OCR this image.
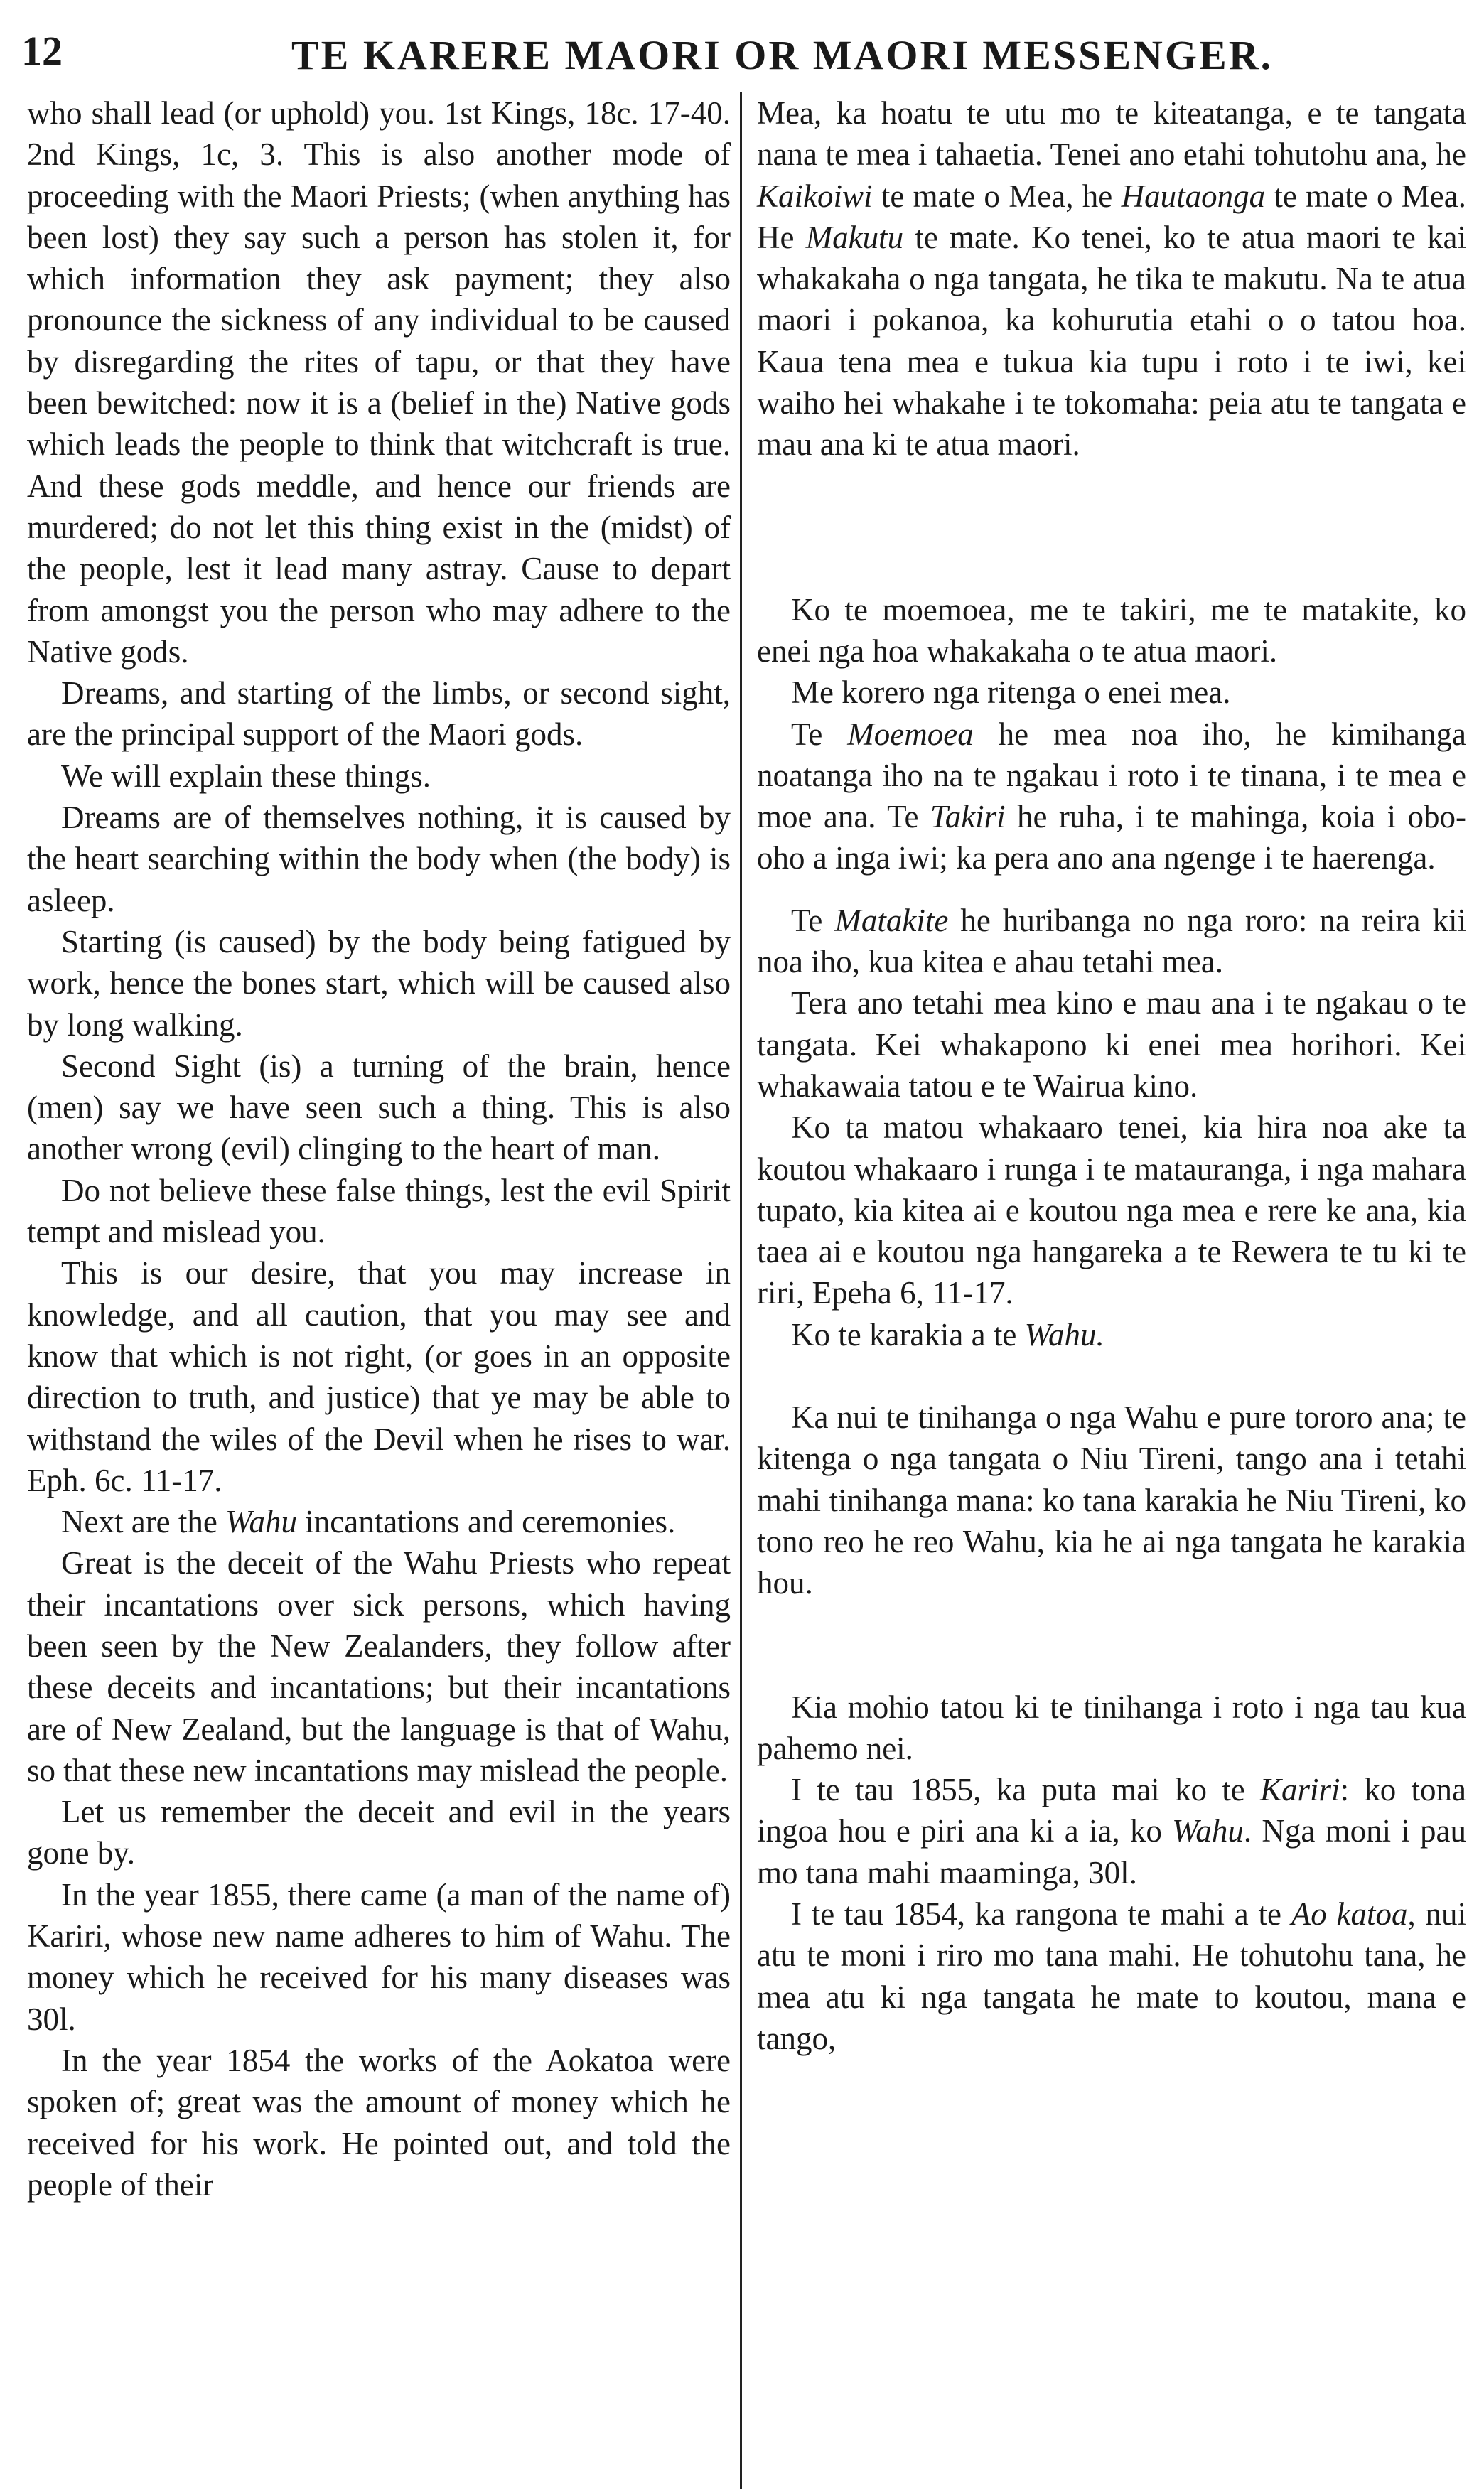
12	TE KARERE MAORI OR MAORI MESSENGER.

who shall lead (or uphold) you. 1st Kings, 18c. 17-40. 2nd Kings, 1c, 3. This is also another mode of proceeding with the Maori Priests; (when anything has been lost) they say such a person has stolen it, for which information they ask payment; they also pronounce the sickness of any individual to be caused by disregarding the rites of tapu, or that they have been bewitched: now it is a (belief in the) Native gods which leads the people to think that witchcraft is true. And these gods meddle, and hence our friends are murdered; do not let this thing exist in the (midst) of the people, lest it lead many astray. Cause to depart from amongst you the person who may adhere to the Native gods.

Dreams, and starting of the limbs, or second sight, are the principal support of the Maori gods.

We will explain these things.

Dreams are of themselves nothing, it is caused by the heart searching within the body when (the body) is asleep.

Starting (is caused) by the body being fatigued by work, hence the bones start, which will be caused also by long walking.

Second Sight (is) a turning of the brain, hence (men) say we have seen such a thing. This is also another wrong (evil) clinging to the heart of man.

Do not believe these false things, lest the evil Spirit tempt and mislead you.

This is our desire, that you may increase in knowledge, and all caution, that you may see and know that which is not right, (or goes in an opposite direction to truth, and justice) that ye may be able to withstand the wiles of the Devil when he rises to war. Eph. 6c. 11-17.

Next are the Wahu incantations and ceremonies.

Great is the deceit of the Wahu Priests who repeat their incantations over sick persons, which having been seen by the New Zealanders, they follow after these deceits and incantations; but their incantations are of New Zealand, but the language is that of Wahu, so that these new incantations may mislead the people.

Let us remember the deceit and evil in the years gone by.

In the year 1855, there came (a man of the name of) Kariri, whose new name adheres to him of Wahu. The money which he received for his many diseases was 30l.

In the year 1854 the works of the Aokatoa were spoken of; great was the amount of money which he received for his work. He pointed out, and told the people of their

Mea, ka hoatu te utu mo te kiteatanga, e te tangata nana te mea i tahaetia. Tenei ano etahi tohutohu ana, he Kaikoiwi te mate o Mea, he Hautaonga te mate o Mea. He Makutu te mate. Ko tenei, ko te atua maori te kai whakakaha o nga tangata, he tika te makutu. Na te atua maori i pokanoa, ka kohurutia etahi o o tatou hoa. Kaua tena mea e tukua kia tupu i roto i te iwi, kei waiho hei whakahe i te tokomaha: peia atu te tangata e mau ana ki te atua maori.

Ko te moemoea, me te takiri, me te matakite, ko enei nga hoa whakakaha o te atua maori.

Me korero nga ritenga o enei mea.

Te Moemoea he mea noa iho, he kimihanga noatanga iho na te ngakau i roto i te tinana, i te mea e moe ana. Te Takiri he ruha, i te mahinga, koia i obo-oho a inga iwi; ka pera ano ana ngenge i te haerenga.

Te Matakite he huribanga no nga roro: na reira kii noa iho, kua kitea e ahau tetahi mea.

Tera ano tetahi mea kino e mau ana i te ngakau o te tangata. Kei whakapono ki enei mea horihori. Kei whakawaia tatou e te Wairua kino.

Ko ta matou whakaaro tenei, kia hira noa ake ta koutou whakaaro i runga i te matauranga, i nga mahara tupato, kia kitea ai e koutou nga mea e rere ke ana, kia taea ai e koutou nga hangareka a te Rewera te tu ki te riri, Epeha 6, 11-17.

Ko te karakia a te Wahu.

Ka nui te tinihanga o nga Wahu e pure tororo ana; te kitenga o nga tangata o Niu Tireni, tango ana i tetahi mahi tinihanga mana: ko tana karakia he Niu Tireni, ko tono reo he reo Wahu, kia he ai nga tangata he karakia hou.

Kia mohio tatou ki te tinihanga i roto i nga tau kua pahemo nei.

I te tau 1855, ka puta mai ko te Kariri: ko tona ingoa hou e piri ana ki a ia, ko Wahu. Nga moni i pau mo tana mahi maaminga, 30l.

I te tau 1854, ka rangona te mahi a te Ao katoa, nui atu te moni i riro mo tana mahi. He tohutohu tana, he mea atu ki nga tangata he mate to koutou, mana e tango,
